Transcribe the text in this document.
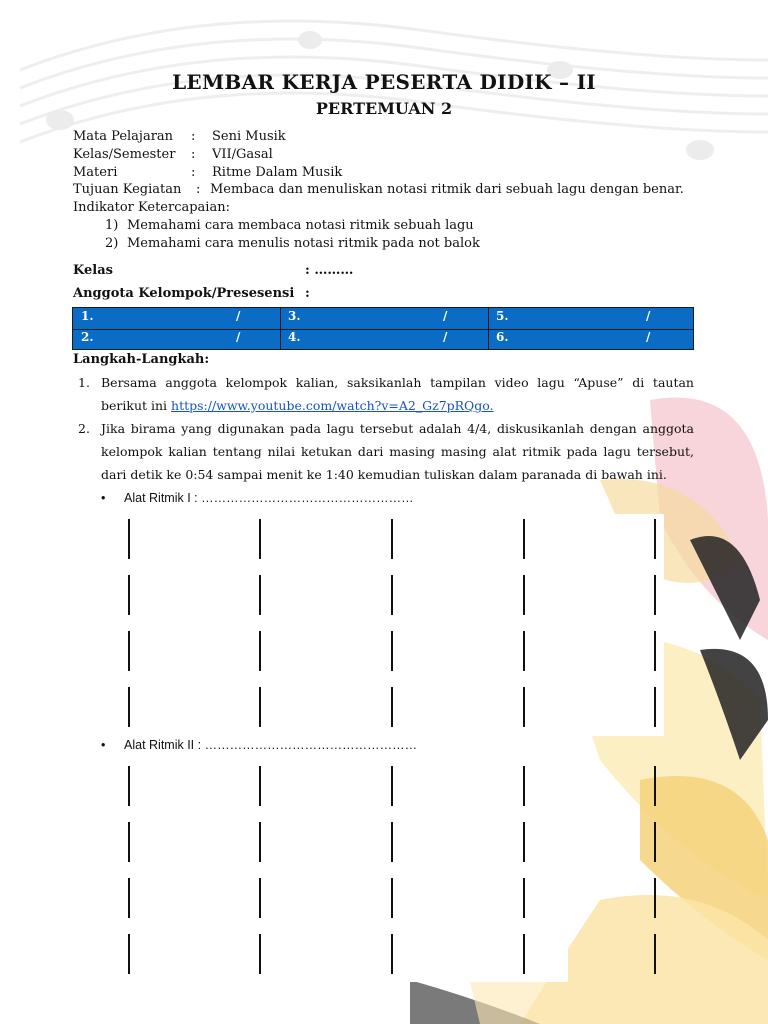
LEMBAR KERJA PESERTA DIDIK – II
PERTEMUAN 2
Mata Pelajaran : Seni Musik
Kelas/Semester : VII/Gasal
Materi	: Ritme Dalam Musik
Tujuan Kegiatan : Membaca dan menuliskan notasi ritmik dari sebuah lagu dengan benar.
Indikator Ketercapaian:
1) Memahami cara membaca notasi ritmik sebuah lagu
2) Memahami cara menulis notasi ritmik pada not balok
Kelas	: ………
Anggota Kelompok/Presesensi :
1.	/	3.	/	5.	/
2.	/	4.	/	6.	/
Langkah-Langkah:
1. Bersama anggota kelompok kalian, saksikanlah tampilan video lagu “Apuse” di tautan
berikut ini https://www.youtube.com/watch?v=A2_Gz7pRQgo.
2. Jika birama yang digunakan pada lagu tersebut adalah 4/4, diskusikanlah dengan anggota
kelompok kalian tentang nilai ketukan dari masing masing alat ritmik pada lagu tersebut,
dari detik ke 0:54 sampai menit ke 1:40 kemudian tuliskan dalam paranada di bawah ini.
• Alat Ritmik I : ……………………………………………
• Alat Ritmik II : ……………………………………………
